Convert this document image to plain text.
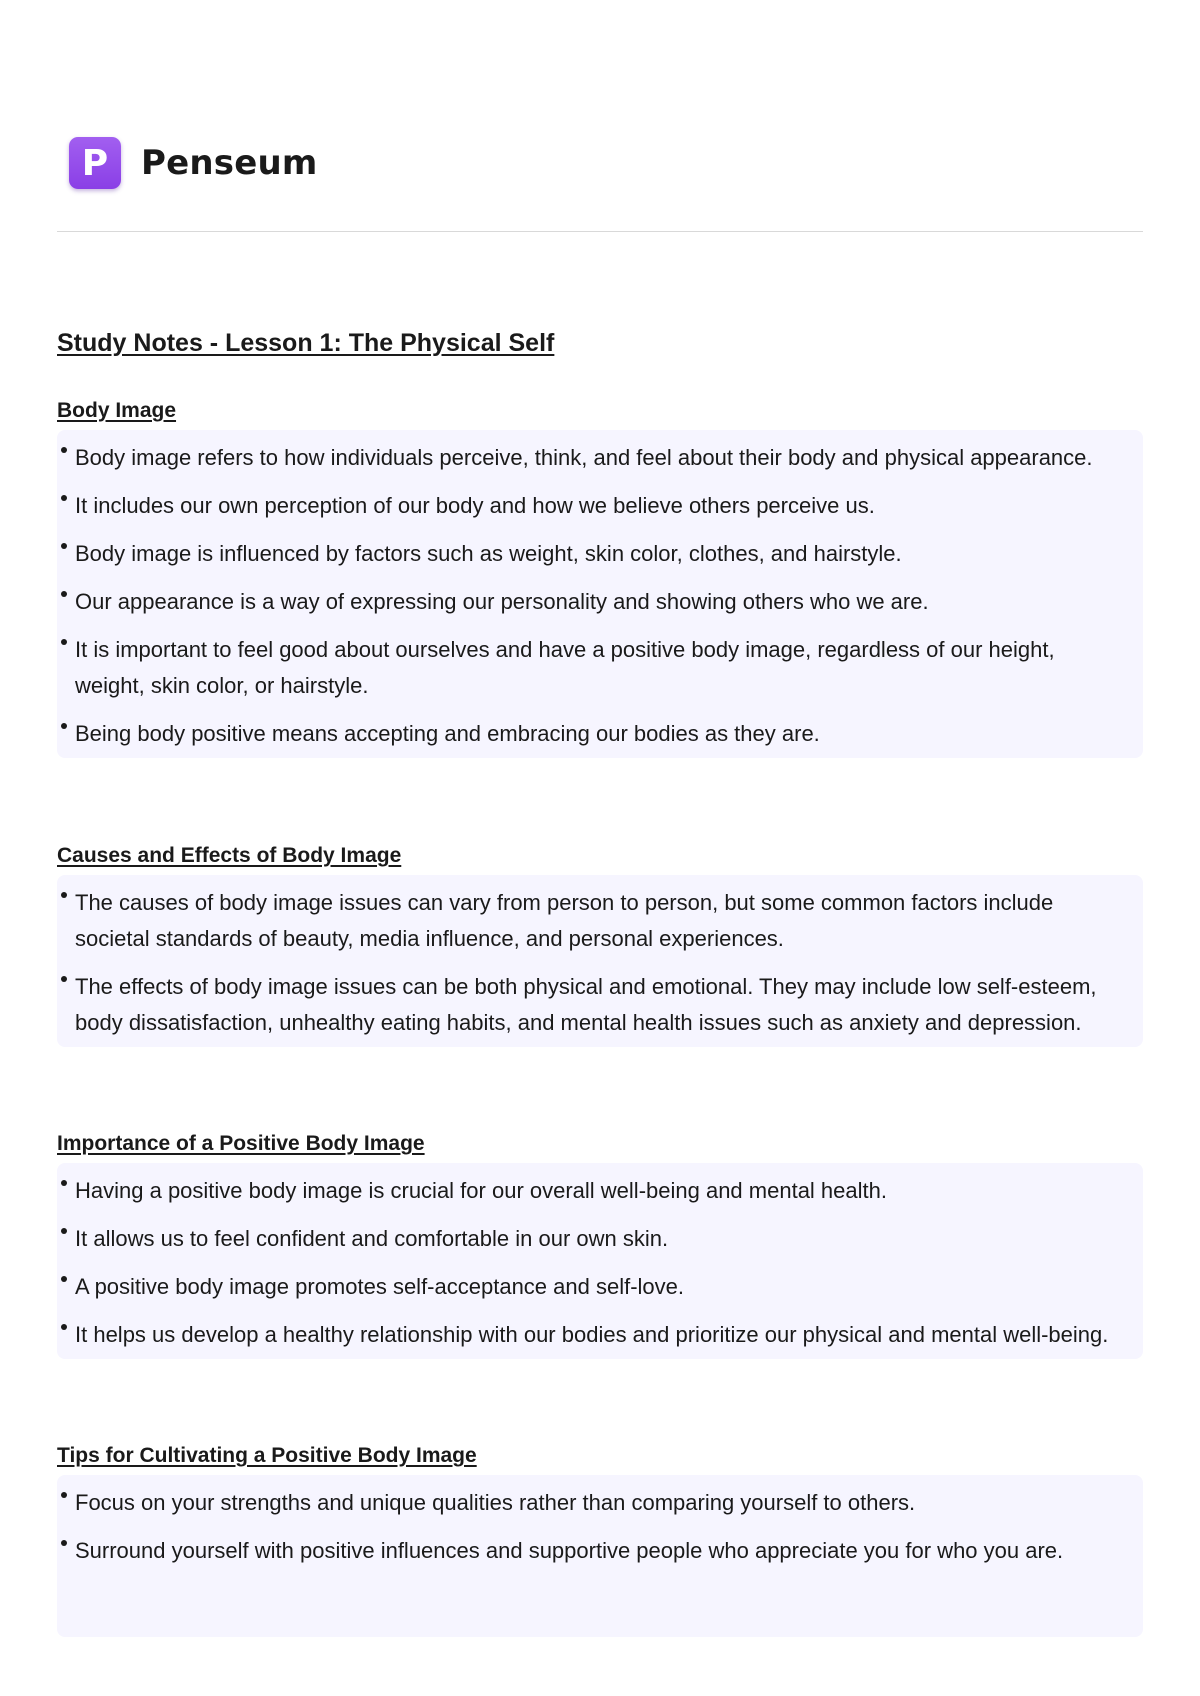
P Penseum
Study Notes - Lesson 1: The Physical Self
Body Image
Body image refers to how individuals perceive, think, and feel about their body and physical appearance.
It includes our own perception of our body and how we believe others perceive us.
Body image is influenced by factors such as weight, skin color, clothes, and hairstyle.
Our appearance is a way of expressing our personality and showing others who we are.
It is important to feel good about ourselves and have a positive body image, regardless of our height, weight, skin color, or hairstyle.
Being body positive means accepting and embracing our bodies as they are.
Causes and Effects of Body Image
The causes of body image issues can vary from person to person, but some common factors include societal standards of beauty, media influence, and personal experiences.
The effects of body image issues can be both physical and emotional. They may include low self-esteem, body dissatisfaction, unhealthy eating habits, and mental health issues such as anxiety and depression.
Importance of a Positive Body Image
Having a positive body image is crucial for our overall well-being and mental health.
It allows us to feel confident and comfortable in our own skin.
A positive body image promotes self-acceptance and self-love.
It helps us develop a healthy relationship with our bodies and prioritize our physical and mental well-being.
Tips for Cultivating a Positive Body Image
Focus on your strengths and unique qualities rather than comparing yourself to others.
Surround yourself with positive influences and supportive people who appreciate you for who you are.
